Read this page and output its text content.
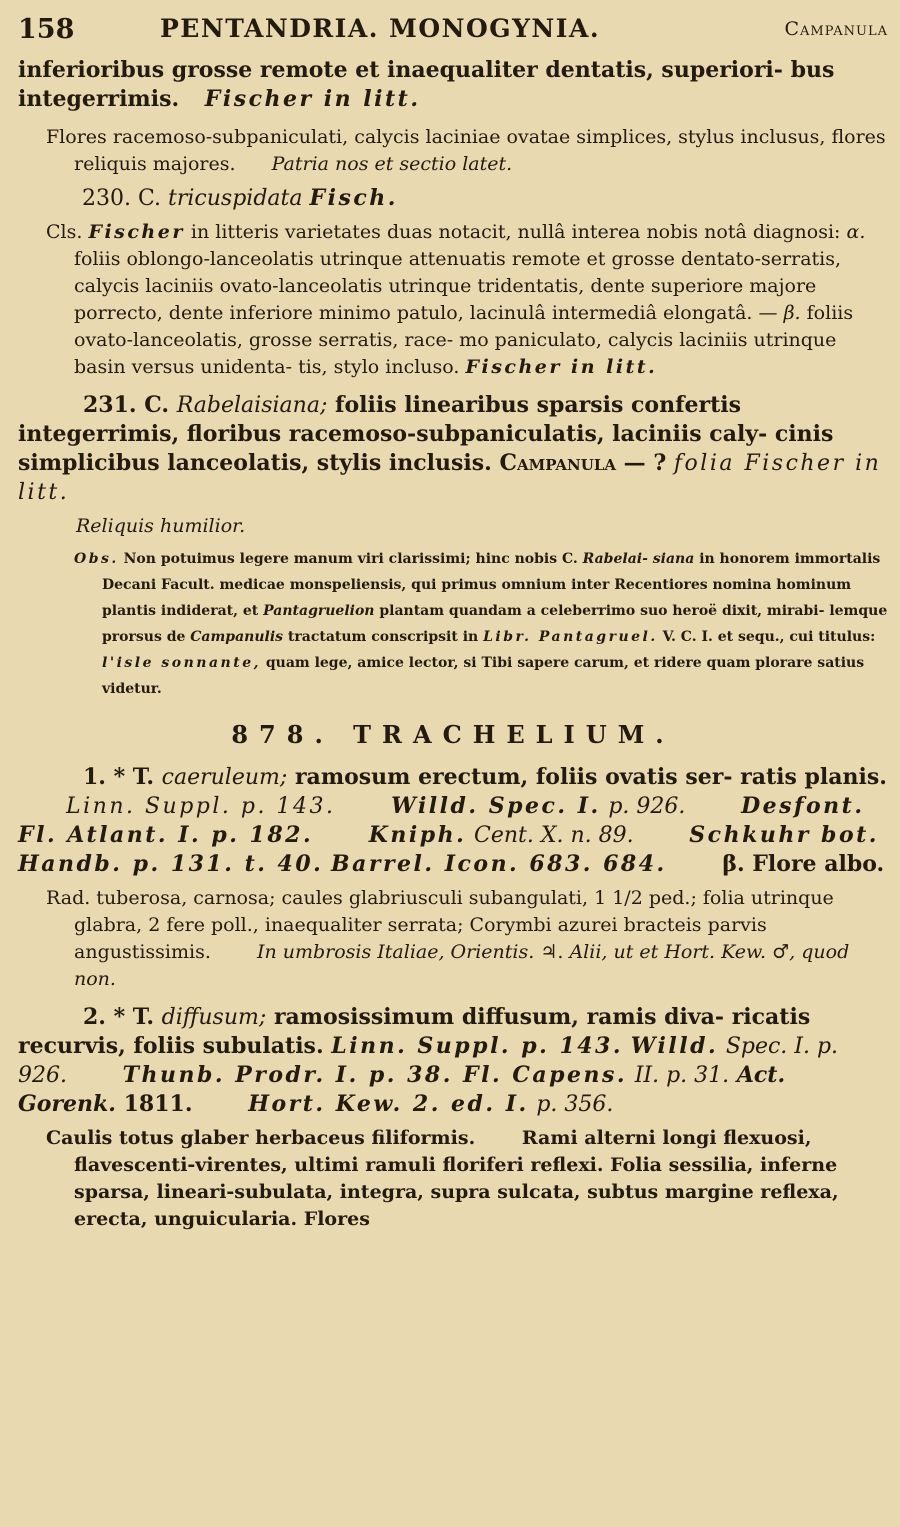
158	PENTANDRIA. MONOGYNIA.	Campanula
inferioribus grosse remote et inaequaliter dentatis, superiori- bus integerrimis. Fischer in litt.
Flores racemoso-subpaniculati, calycis laciniae ovatae simplices, stylus inclusus, flores reliquis majores. Patria nos et sectio latet.
230. C. tricuspidata Fisch.
Cls. Fischer in litteris varietates duas notacit, nullâ interea nobis notâ diagnosi: α. foliis oblongo-lanceolatis utrinque attenuatis remote et grosse dentato-serratis, calycis laciniis ovato-lanceolatis utrinque tridentatis, dente superiore majore porrecto, dente inferiore minimo patulo, lacinulâ intermediâ elongatâ. — β. foliis ovato-lanceolatis, grosse serratis, race- mo paniculato, calycis laciniis utrinque basin versus unidenta- tis, stylo incluso. Fischer in litt.
231. C. Rabelaisiana; foliis linearibus sparsis confertis integerrimis, floribus racemoso-subpaniculatis, laciniis caly- cinis simplicibus lanceolatis, stylis inclusis. Campanula — ? folia Fischer in litt.
Reliquis humilior.
Obs. Non potuimus legere manum viri clarissimi; hinc nobis C. Rabelai- siana in honorem immortalis Decani Facult. medicae monspeliensis, qui primus omnium inter Recentiores nomina hominum plantis indiderat, et Pantagruelion plantam quandam a celeberrimo suo heroë dixit, mirabi- lemque prorsus de Campanulis tractatum conscripsit in Libr. Pantagruel. V. C. I. et sequ., cui titulus: l'isle sonnante, quam lege, amice lector, si Tibi sapere carum, et ridere quam plorare satius videtur.
878. TRACHELIUM.
1. * T. caeruleum; ramosum erectum, foliis ovatis ser- ratis planis. Linn. Suppl. p. 143.	Willd. Spec. I. p. 926.	Desfont. Fl. Atlant. I. p. 182.	Kniph. Cent. X. n. 89.	Schkuhr bot. Handb. p. 131. t. 40. Barrel. Icon. 683. 684.	β. Flore albo.
Rad. tuberosa, carnosa; caules glabriusculi subangulati, 1 1/2 ped.; folia utrinque glabra, 2 fere poll., inaequaliter serrata; Corymbi azurei bracteis parvis angustissimis. In umbrosis Italiae, Orientis. ♃. Alii, ut et Hort. Kew. ♂, quod non.
2. * T. diffusum; ramosissimum diffusum, ramis diva- ricatis recurvis, foliis subulatis. Linn. Suppl. p. 143. Willd. Spec. I. p. 926.	Thunb. Prodr. I. p. 38. Fl. Capens. II. p. 31. Act. Gorenk. 1811.	Hort. Kew. 2. ed. I. p. 356.
Caulis totus glaber herbaceus filiformis. Rami alterni longi flexuosi, flavescenti-virentes, ultimi ramuli floriferi reflexi. Folia sessilia, inferne sparsa, lineari-subulata, integra, supra sulcata, subtus margine reflexa, erecta, unguicularia. Flores
